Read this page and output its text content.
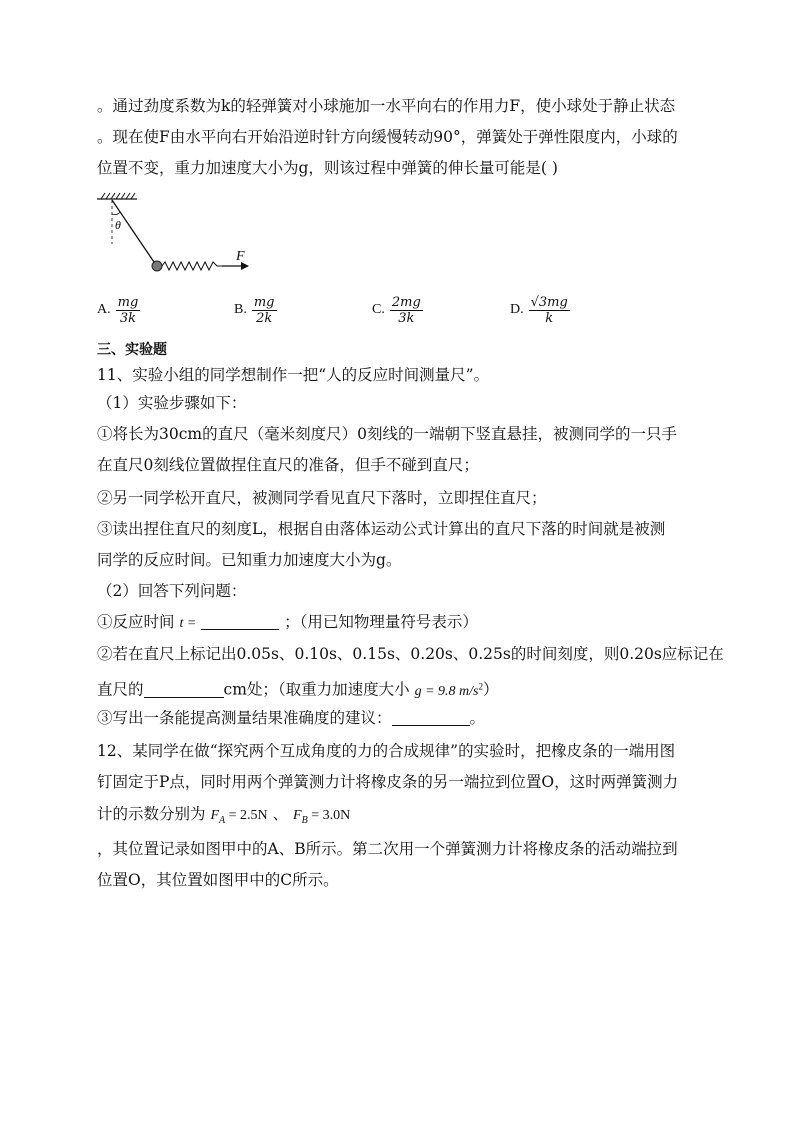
。通过劲度系数为k的轻弹簧对小球施加一水平向右的作用力F，使小球处于静止状态
。现在使F由水平向右开始沿逆时针方向缓慢转动90°，弹簧处于弹性限度内，小球的
位置不变，重力加速度大小为g，则该过程中弹簧的伸长量可能是( )
θ
F
A. $\frac{mg}{3k}$	B. $\frac{mg}{2k}$	C. $\frac{2mg}{3k}$	D. $\frac{√3mg}{k}$
三、实验题
11、实验小组的同学想制作一把“人的反应时间测量尺”。
（1）实验步骤如下：
①将长为30cm的直尺（毫米刻度尺）0刻线的一端朝下竖直悬挂，被测同学的一只手
在直尺0刻线位置做捏住直尺的准备，但手不碰到直尺；
②另一同学松开直尺，被测同学看见直尺下落时，立即捏住直尺；
③读出捏住直尺的刻度L，根据自由落体运动公式计算出的直尺下落的时间就是被测
同学的反应时间。已知重力加速度大小为g。
（2）回答下列问题：
①反应时间 t =	；（用已知物理量符号表示）
②若在直尺上标记出0.05s、0.10s、0.15s、0.20s、0.25s的时间刻度，则0.20s应标记在
直尺的	cm处；（取重力加速度大小 g = 9.8 $m/s^2$）
③写出一条能提高测量结果准确度的建议：	。
12、某同学在做“探究两个互成角度的力的合成规律”的实验时，把橡皮条的一端用图
钉固定于P点，同时用两个弹簧测力计将橡皮条的另一端拉到位置O，这时两弹簧测力
计的示数分别为 $F_A = 2.5N$ 、 $F_B = 3.0N$
，其位置记录如图甲中的A、B所示。第二次用一个弹簧测力计将橡皮条的活动端拉到
位置O，其位置如图甲中的C所示。
